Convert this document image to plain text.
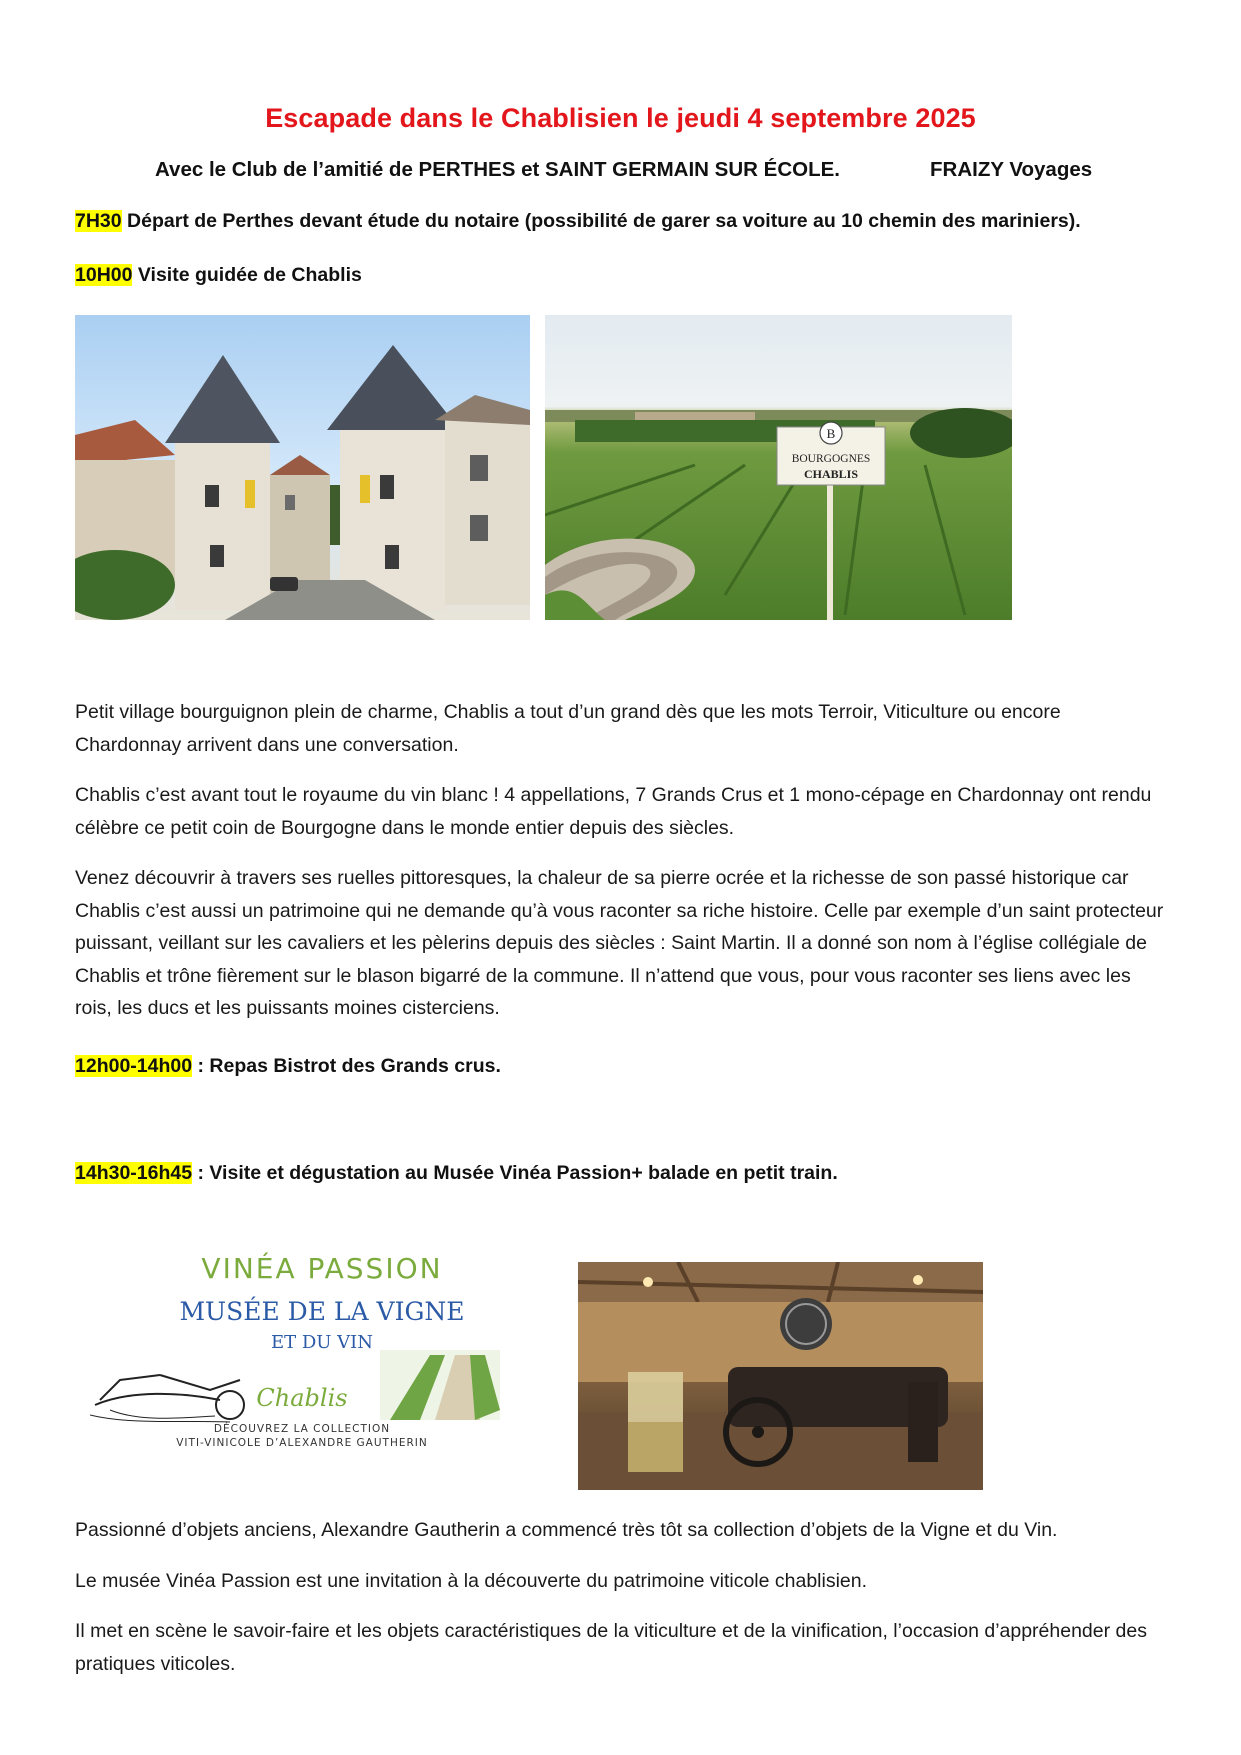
Escapade dans le Chablisien le jeudi 4 septembre 2025
Avec le Club de l’amitié de PERTHES et SAINT GERMAIN SUR ÉCOLE.	FRAIZY Voyages
7H30 Départ de Perthes devant étude du notaire (possibilité de garer sa voiture au 10 chemin des mariniers).
10H00 Visite guidée de Chablis
B
BOURGOGNES
CHABLIS

Petit village bourguignon plein de charme, Chablis a tout d’un grand dès que les mots Terroir, Viticulture ou encore Chardonnay arrivent dans une conversation.

Chablis c’est avant tout le royaume du vin blanc ! 4 appellations, 7 Grands Crus et 1 mono-cépage en Chardonnay ont rendu célèbre ce petit coin de Bourgogne dans le monde entier depuis des siècles.

Venez découvrir à travers ses ruelles pittoresques, la chaleur de sa pierre ocrée et la richesse de son passé historique car Chablis c’est aussi un patrimoine qui ne demande qu’à vous raconter sa riche histoire. Celle par exemple d’un saint protecteur puissant, veillant sur les cavaliers et les pèlerins depuis des siècles : Saint Martin. Il a donné son nom à l’église collégiale de Chablis et trône fièrement sur le blason bigarré de la commune. Il n’attend que vous, pour vous raconter ses liens avec les rois, les ducs et les puissants moines cisterciens.

12h00-14h00 : Repas Bistrot des Grands crus.
14h30-16h45 : Visite et dégustation au Musée Vinéa Passion+ balade en petit train.
VINÉA PASSION
MUSÉE DE LA VIGNE
ET DU VIN
Chablis
DÉCOUVREZ LA COLLECTION
VITI-VINICOLE D’ALEXANDRE GAUTHERIN

Passionné d’objets anciens, Alexandre Gautherin a commencé très tôt sa collection d’objets de la Vigne et du Vin.

Le musée Vinéa Passion est une invitation à la découverte du patrimoine viticole chablisien.

Il met en scène le savoir-faire et les objets caractéristiques de la viticulture et de la vinification, l’occasion d’appréhender des pratiques viticoles.
